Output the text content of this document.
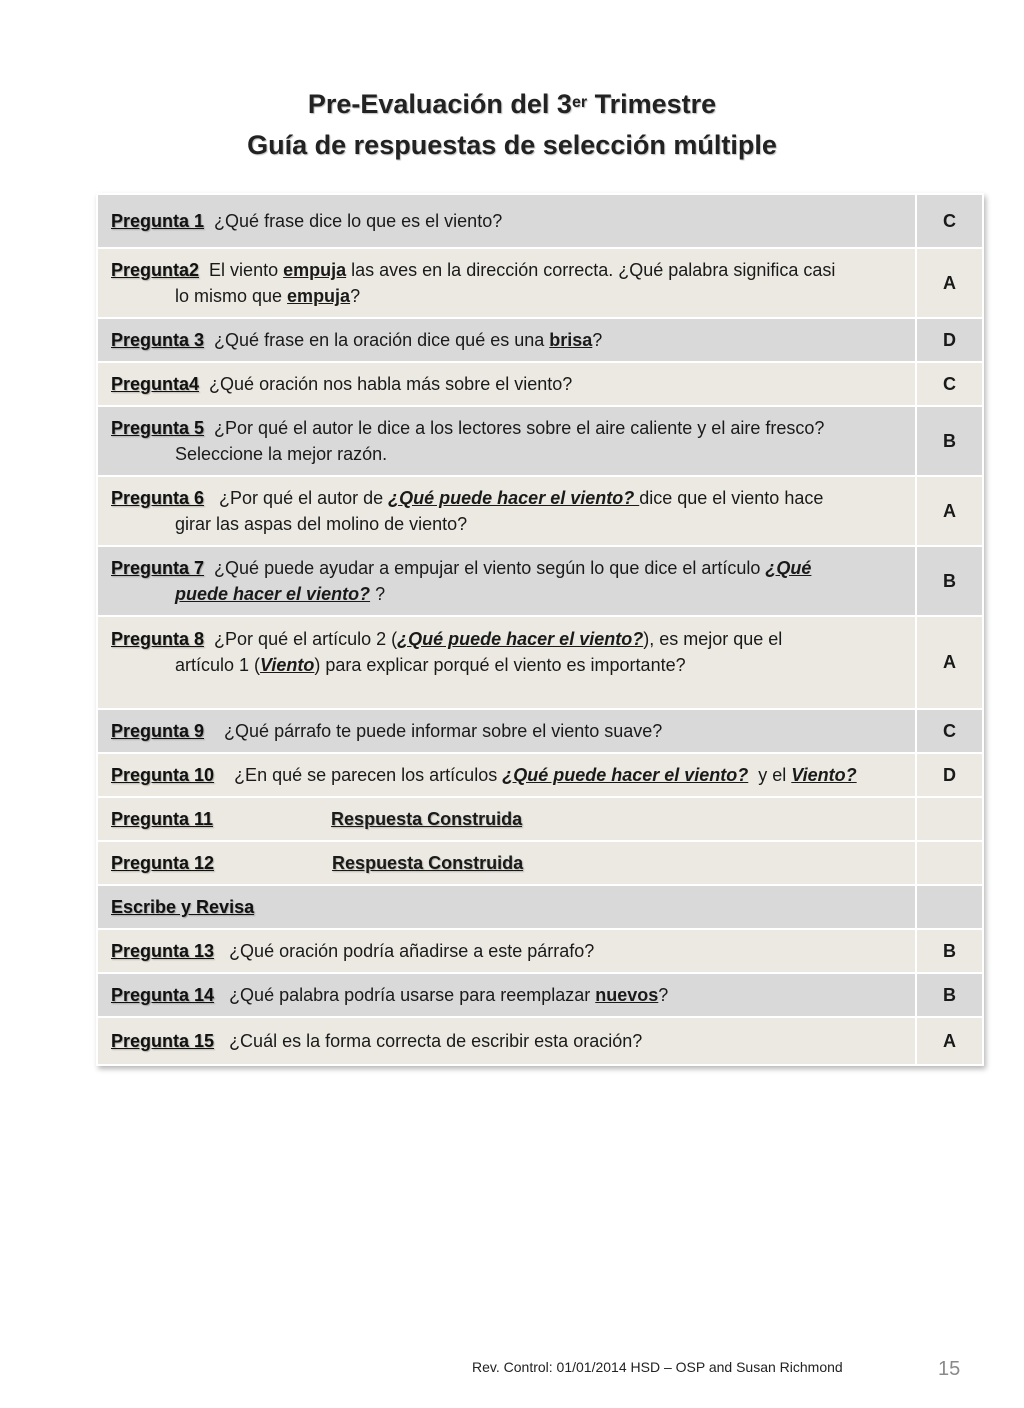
Pre-Evaluación del 3er Trimestre
Guía de respuestas de selección múltiple
Pregunta 1 ¿Qué frase dice lo que es el viento?	C
Pregunta2 El viento empuja las aves en la dirección correcta. ¿Qué palabra significa casi
lo mismo que empuja?	A
Pregunta 3 ¿Qué frase en la oración dice qué es una brisa?	D
Pregunta4 ¿Qué oración nos habla más sobre el viento?	C
Pregunta 5 ¿Por qué el autor le dice a los lectores sobre el aire caliente y el aire fresco?
Seleccione la mejor razón.	B
Pregunta 6 ¿Por qué el autor de ¿Qué puede hacer el viento? dice que el viento hace
girar las aspas del molino de viento?	A
Pregunta 7 ¿Qué puede ayudar a empujar el viento según lo que dice el artículo ¿Qué
puede hacer el viento? ?	B
Pregunta 8 ¿Por qué el artículo 2 (¿Qué puede hacer el viento?), es mejor que el
artículo 1 (Viento) para explicar porqué el viento es importante?	A
Pregunta 9 ¿Qué párrafo te puede informar sobre el viento suave?	C
Pregunta 10 ¿En qué se parecen los artículos ¿Qué puede hacer el viento?  y el Viento?	D
Pregunta 11 Respuesta Construida	
Pregunta 12 Respuesta Construida	
Escribe y Revisa	
Pregunta 13 ¿Qué oración podría añadirse a este párrafo?	B
Pregunta 14 ¿Qué palabra podría usarse para reemplazar nuevos?	B
Pregunta 15 ¿Cuál es la forma correcta de escribir esta oración?	A
Rev. Control: 01/01/2014 HSD – OSP and Susan Richmond	15
